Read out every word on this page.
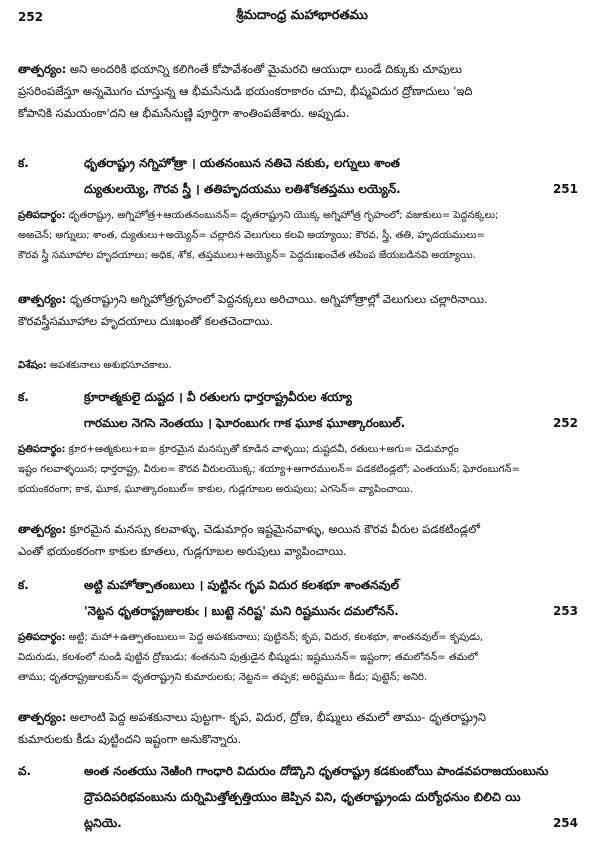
252	శ్రీమదాంధ్ర మహాభారతము
తాత్పర్యం: అని అందరికి భయాన్ని కలిగింతే కోపావేశంతో మైమరచి ఆయుధా లుండే దిక్కుకు చూపులు
ప్రసరింపజేస్తూ అన్నమొగం చూస్తున్న ఆ భీమసేనుడి భయంకరాకారం చూచి, భీష్మవిదుర ద్రోణాదులు 'ఇది
కోపానికి సమయంకా'దని ఆ భీమసేనుణ్ణి పూర్తిగా శాంతింపజేశారు. అప్పుడు.
క.	ధృతరాష్ట్రు నగ్నిహోత్రా । యతనంబున నతిచె నకుకు, లగ్నులు శాంత
ద్యుతులయ్యె, గౌరవ స్త్రీ । తతిహృదయము లతిశోకతప్తము లయ్యెన్.	251
ప్రతిపదార్థం: ధృతరాష్ట్రు, అగ్నిహోత్ర+ఆయతనంబునన్= ధృతరాష్ట్రుని యొక్క అగ్నిహోత్ర గృహంలో; వజుకులు= పెద్దనక్కలు;
అఱచెన్; అగ్నులు; శాంత, ద్యుతులు+అయ్యెన్= చల్లారిన వెలుగులు కలవి అయ్యాయి; కౌరవ, స్త్రీ, తతి, హృదయములు=
కౌరవ స్త్రీ సమూహాల హృదయాలు; అధిక, శోక, తప్తములు+అయ్యెన్= పెద్దదుఃఖంచేత తపింప జేయబడినవి అయ్యాయి.
తాత్పర్యం: ధృతరాష్ట్రుని అగ్నిహోత్రగృహంలో పెద్దనక్కలు అరిచాయి. అగ్నిహోత్రాల్లో వెలుగులు చల్లారినాయి.
కౌరవస్త్రీసమూహాల హృదయాలు దుఃఖంతో కలతచెందాయి.
విశేషం: అపశకునాలు అశుభసూచకాలు.
క.	క్రూరాత్మకులై దుష్టద । వీ రతులగు ధార్తరాష్ట్రవీరుల శయ్యా
గారముల నెగసె నెంతయు । ఘోరంబుగఁ గాక ఘూక ఘూత్కారంబుల్.	252
ప్రతిపదార్థం: క్రూర+ఆత్మకులు+ఐ= క్రూరమైన మనస్సుతో కూడిన వాళ్ళయి; దుష్టదవీ, రతులు+అగు= చెడుమార్గం
ఇష్టం గలవాళ్ళయిన; ధార్తరాష్ట్ర, వీరుల= కౌరవ వీరులయొక్క; శయ్యా+ఆగారములన్= పడకటిండ్లలో; ఎంతయున్; ఘోరంబుగన్=
భయంకరంగా; కాక, ఘూక, ఘూత్కారంబుల్= కాకుల, గుడ్లగూబల అరుపులు; ఎగసెన్= వ్యాపించాయి.
తాత్పర్యం: క్రూరమైన మనస్సు కలవాళ్ళు, చెడుమార్గం ఇష్టమైనవాళ్ళు, అయిన కౌరవ వీరుల పడకటిండ్లలో
ఎంతో భయంకరంగా కాకుల కూతలు, గుడ్లగూబల అరుపులు వ్యాపించాయి.
క.	అట్టి మహోత్పాతంబులు । పుట్టినఁ గృప విదుర కలశభూ శాంతనవుల్
'నెట్టన ధృతరాష్ట్రజులకుఁ । బుట్టె నరిష్ట' మని రిష్టమునఁ దమలోనన్.	253
ప్రతిపదార్థం: అట్టి; మహా+ఉత్పాతంబులు= పెద్ద అపశకునాలు; పుట్టినన్; కృప, విదుర, కలశభూ, శాంతనవుల్= కృపుడు,
విదురుడు, కలశంలో నుండి పుట్టిన ద్రోణుడు; శంతనుని పుత్రుడైన భీష్ముడు; ఇష్టమునన్= ఇష్టంగా; తమలోనన్= తమలో
తాము; ధృతరాష్ట్రజులకున్= ధృతరాష్ట్రుని కుమారులకు; నెట్టన= తప్పక; అరిష్టము= కీడు; పుట్టెన్; అనిరి.
తాత్పర్యం: అలాంటి పెద్ద అపశకునాలు పుట్టగా- కృప, విదుర, ద్రోణ, భీష్ములు తమలో తాము- ధృతరాష్ట్రుని
కుమారులకు కీడు పుట్టిందని ఇష్టంగా అనుకొన్నారు.
వ.	అంత నంతయు నెఱింగి గాంధారి విదురుం దోడ్కొని ధృతరాష్ట్రు కడకుంబోయి పాండవపరాజయంబును
ద్రౌపదిపరిభవంబును దుర్నిమిత్తోత్పత్తియుం జెప్పిన విని, ధృతరాష్ట్రుండు దుర్యోధనుం బిలిచి యి
ట్లనియె.	254
